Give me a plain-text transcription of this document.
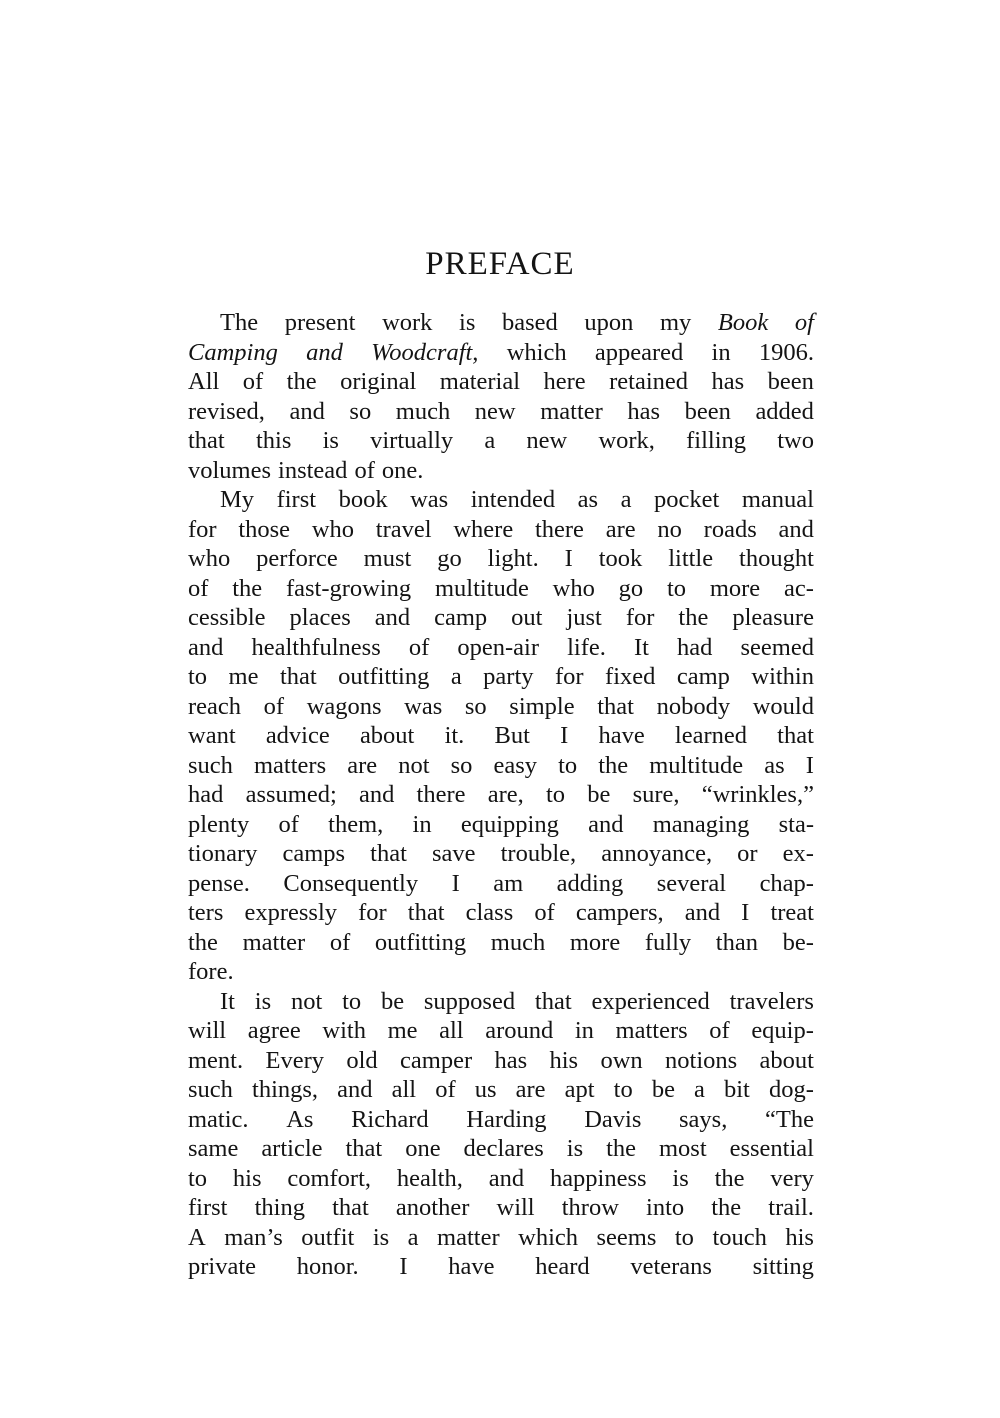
PREFACE
The present work is based upon my Book of
Camping and Woodcraft, which appeared in 1906.
All of the original material here retained has been
revised, and so much new matter has been added
that this is virtually a new work, filling two
volumes instead of one.
My first book was intended as a pocket manual
for those who travel where there are no roads and
who perforce must go light. I took little thought
of the fast-growing multitude who go to more ac-
cessible places and camp out just for the pleasure
and healthfulness of open-air life. It had seemed
to me that outfitting a party for fixed camp within
reach of wagons was so simple that nobody would
want advice about it. But I have learned that
such matters are not so easy to the multitude as I
had assumed; and there are, to be sure, “wrinkles,”
plenty of them, in equipping and managing sta-
tionary camps that save trouble, annoyance, or ex-
pense. Consequently I am adding several chap-
ters expressly for that class of campers, and I treat
the matter of outfitting much more fully than be-
fore.
It is not to be supposed that experienced travelers
will agree with me all around in matters of equip-
ment. Every old camper has his own notions about
such things, and all of us are apt to be a bit dog-
matic. As Richard Harding Davis says, “The
same article that one declares is the most essential
to his comfort, health, and happiness is the very
first thing that another will throw into the trail.
A man’s outfit is a matter which seems to touch his
private honor. I have heard veterans sitting
